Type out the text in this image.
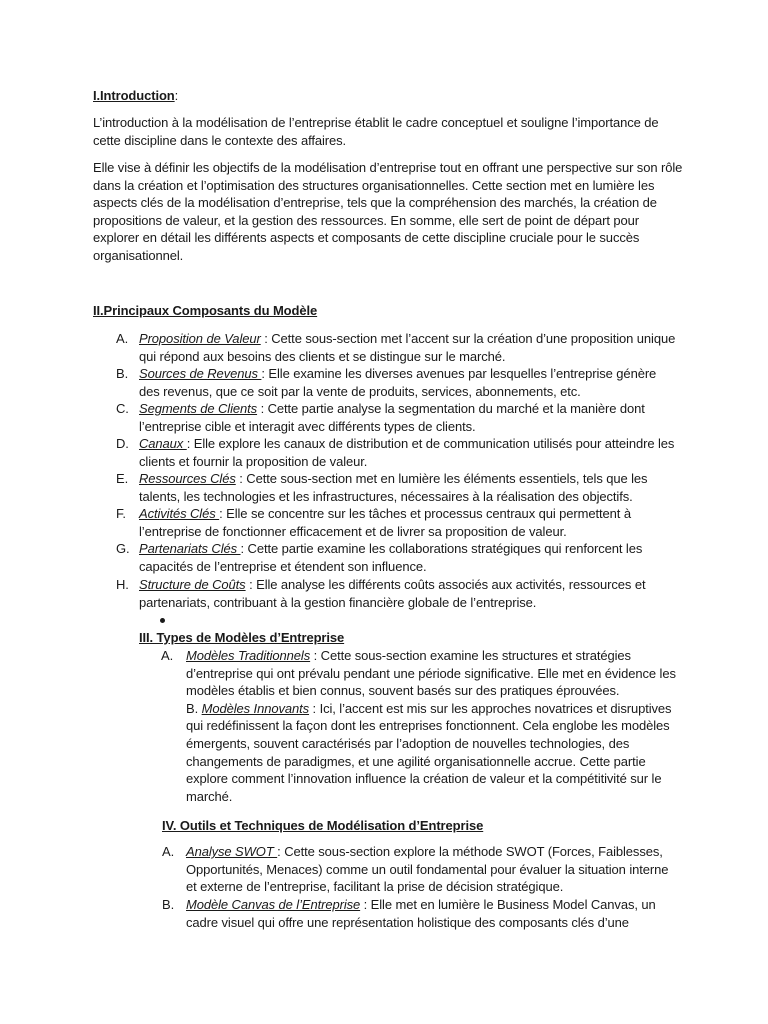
I.Introduction:

L’introduction à la modélisation de l’entreprise établit le cadre conceptuel et souligne l’importance de cette discipline dans le contexte des affaires.

Elle vise à définir les objectifs de la modélisation d’entreprise tout en offrant une perspective sur son rôle dans la création et l’optimisation des structures organisationnelles. Cette section met en lumière les aspects clés de la modélisation d’entreprise, tels que la compréhension des marchés, la création de propositions de valeur, et la gestion des ressources. En somme, elle sert de point de départ pour explorer en détail les différents aspects et composants de cette discipline cruciale pour le succès organisationnel.

II.Principaux Composants du Modèle

A. Proposition de Valeur : Cette sous-section met l’accent sur la création d’une proposition unique qui répond aux besoins des clients et se distingue sur le marché.
B. Sources de Revenus : Elle examine les diverses avenues par lesquelles l’entreprise génère des revenus, que ce soit par la vente de produits, services, abonnements, etc.
C. Segments de Clients : Cette partie analyse la segmentation du marché et la manière dont l’entreprise cible et interagit avec différents types de clients.
D. Canaux : Elle explore les canaux de distribution et de communication utilisés pour atteindre les clients et fournir la proposition de valeur.
E. Ressources Clés : Cette sous-section met en lumière les éléments essentiels, tels que les talents, les technologies et les infrastructures, nécessaires à la réalisation des objectifs.
F. Activités Clés : Elle se concentre sur les tâches et processus centraux qui permettent à l’entreprise de fonctionner efficacement et de livrer sa proposition de valeur.
G. Partenariats Clés : Cette partie examine les collaborations stratégiques qui renforcent les capacités de l’entreprise et étendent son influence.
H. Structure de Coûts : Elle analyse les différents coûts associés aux activités, ressources et partenariats, contribuant à la gestion financière globale de l’entreprise.

III. Types de Modèles d’Entreprise

A. Modèles Traditionnels : Cette sous-section examine les structures et stratégies d’entreprise qui ont prévalu pendant une période significative. Elle met en évidence les modèles établis et bien connus, souvent basés sur des pratiques éprouvées.
B. Modèles Innovants : Ici, l’accent est mis sur les approches novatrices et disruptives qui redéfinissent la façon dont les entreprises fonctionnent. Cela englobe les modèles émergents, souvent caractérisés par l’adoption de nouvelles technologies, des changements de paradigmes, et une agilité organisationnelle accrue. Cette partie explore comment l’innovation influence la création de valeur et la compétitivité sur le marché.

IV. Outils et Techniques de Modélisation d’Entreprise

A. Analyse SWOT : Cette sous-section explore la méthode SWOT (Forces, Faiblesses, Opportunités, Menaces) comme un outil fondamental pour évaluer la situation interne et externe de l’entreprise, facilitant la prise de décision stratégique.
B. Modèle Canvas de l’Entreprise : Elle met en lumière le Business Model Canvas, un cadre visuel qui offre une représentation holistique des composants clés d’une
